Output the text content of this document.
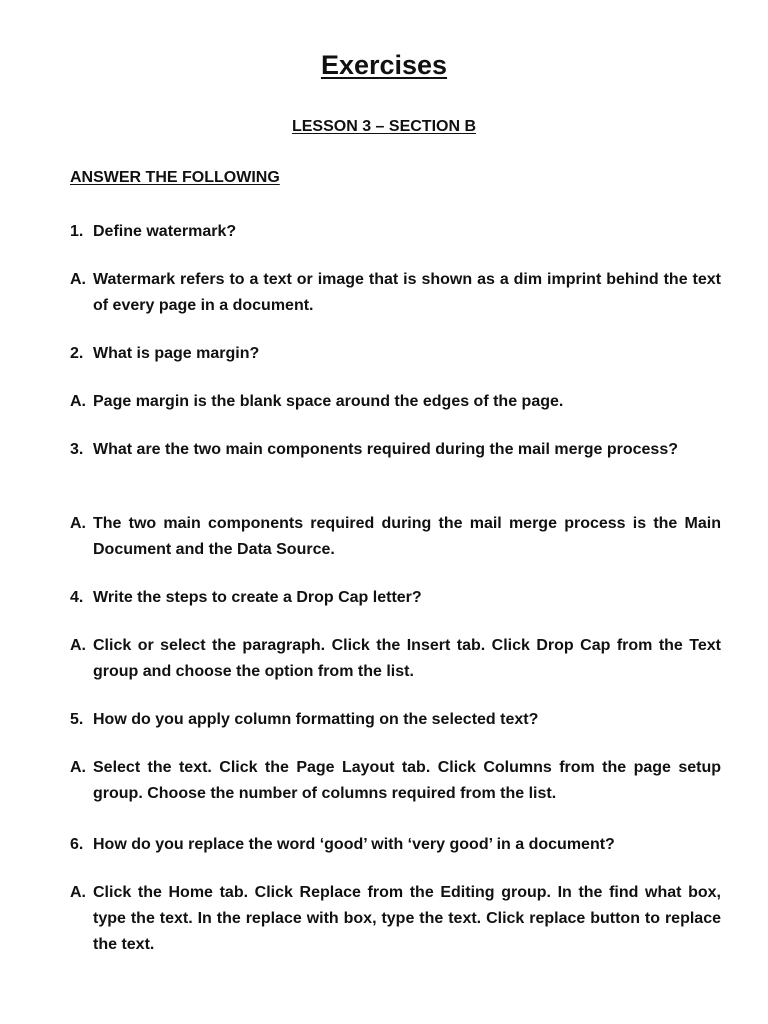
Exercises
LESSON 3 – SECTION B
ANSWER THE FOLLOWING
1. Define watermark?
A. Watermark refers to a text or image that is shown as a dim imprint behind the text of every page in a document.
2. What is page margin?
A. Page margin is the blank space around the edges of the page.
3. What are the two main components required during the mail merge process?
A. The two main components required during the mail merge process is the Main Document and the Data Source.
4. Write the steps to create a Drop Cap letter?
A. Click or select the paragraph. Click the Insert tab. Click Drop Cap from the Text group and choose the option from the list.
5. How do you apply column formatting on the selected text?
A. Select the text. Click the Page Layout tab. Click Columns from the page setup group. Choose the number of columns required from the list.
6. How do you replace the word ‘good’ with ‘very good’ in a document?
A. Click the Home tab. Click Replace from the Editing group. In the find what box, type the text. In the replace with box, type the text. Click replace button to replace the text.
